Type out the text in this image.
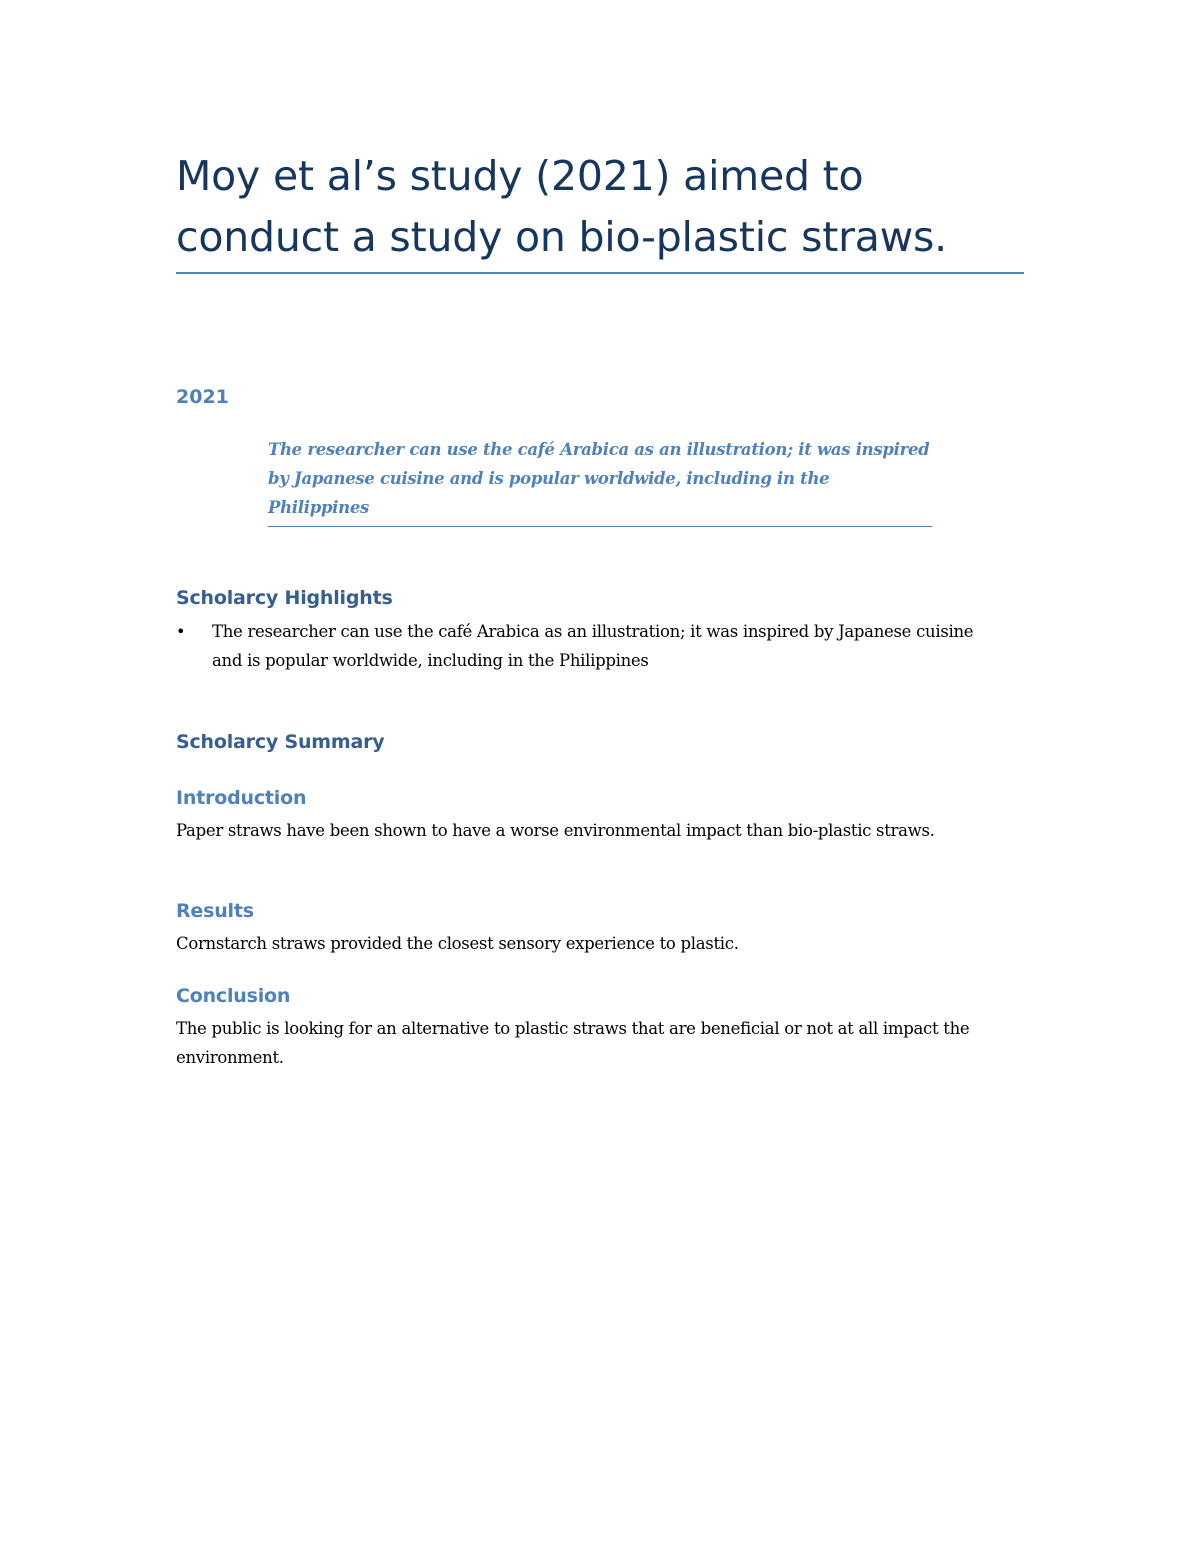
Moy et al’s study (2021) aimed to conduct a study on bio-plastic straws.
2021

The researcher can use the café Arabica as an illustration; it was inspired by Japanese cuisine and is popular worldwide, including in the Philippines

Scholarcy Highlights
•	The researcher can use the café Arabica as an illustration; it was inspired by Japanese cuisine and is popular worldwide, including in the Philippines
Scholarcy Summary
Introduction

Paper straws have been shown to have a worse environmental impact than bio-plastic straws.

Results

Cornstarch straws provided the closest sensory experience to plastic.

Conclusion

The public is looking for an alternative to plastic straws that are beneficial or not at all impact the environment.
